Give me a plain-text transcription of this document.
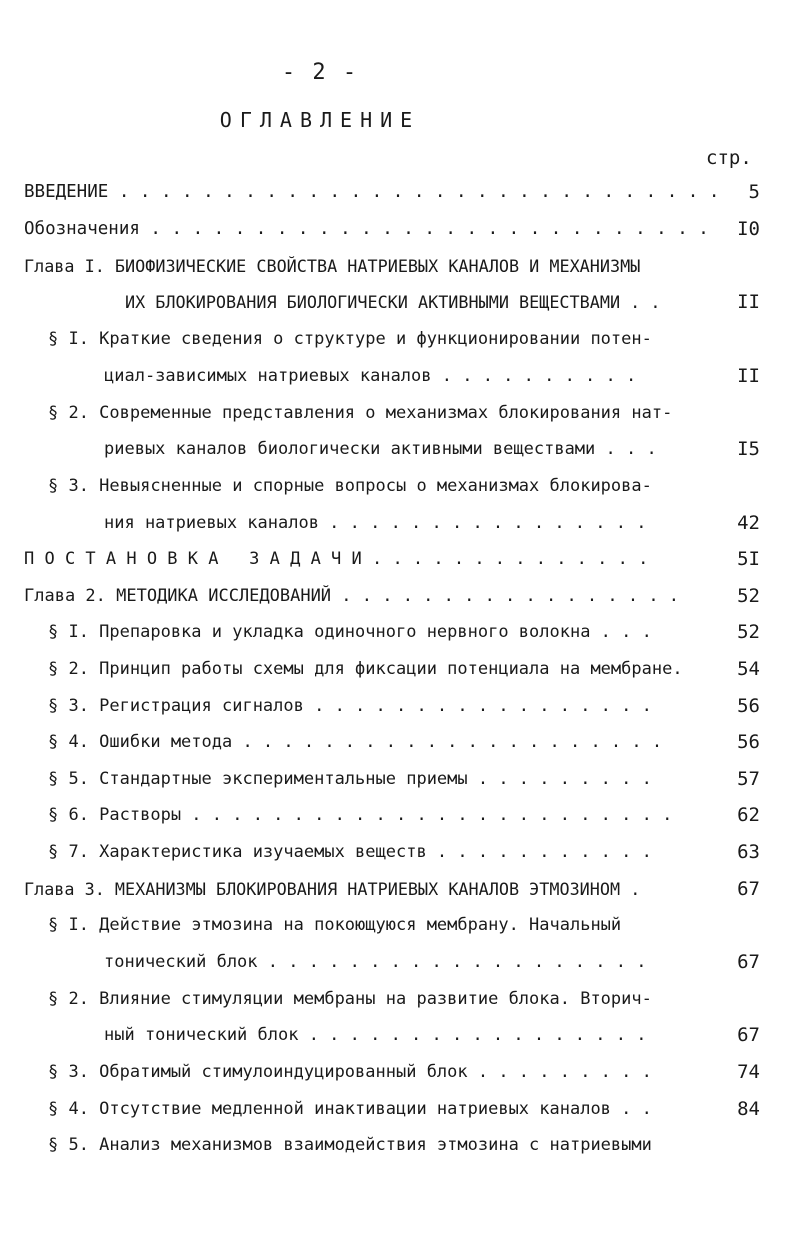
- 2 -
ОГЛАВЛЕНИЕ
стр.
ВВЕДЕНИЕ . . . . . . . . . . . . . . . . . . . . . . . . . . . . .	5
Обозначения . . . . . . . . . . . . . . . . . . . . . . . . . . .	I0
Глава I. БИОФИЗИЧЕСКИЕ СВОЙСТВА НАТРИЕВЫХ КАНАЛОВ И МЕХАНИЗМЫ
ИХ БЛОКИРОВАНИЯ БИОЛОГИЧЕСКИ АКТИВНЫМИ ВЕЩЕСТВАМИ . .	II
§ I. Краткие сведения о структуре и функционировании потен-
циал-зависимых натриевых каналов . . . . . . . . . .	II
§ 2. Современные представления о механизмах блокирования нат-
риевых каналов биологически активными веществами . . .	I5
§ 3. Невыясненные и спорные вопросы о механизмах блокирова-
ния натриевых каналов . . . . . . . . . . . . . . . .	42
П О С Т А Н О В К А   З А Д А Ч И . . . . . . . . . . . . . .	5I
Глава 2. МЕТОДИКА ИССЛЕДОВАНИЙ . . . . . . . . . . . . . . . . .	52
§ I. Препаровка и укладка одиночного нервного волокна . . .	52
§ 2. Принцип работы схемы для фиксации потенциала на мембране.	54
§ 3. Регистрация сигналов . . . . . . . . . . . . . . . . .	56
§ 4. Ошибки метода . . . . . . . . . . . . . . . . . . . . .	56
§ 5. Стандартные экспериментальные приемы . . . . . . . . .	57
§ 6. Растворы . . . . . . . . . . . . . . . . . . . . . . . .	62
§ 7. Характеристика изучаемых веществ . . . . . . . . . . .	63
Глава 3. МЕХАНИЗМЫ БЛОКИРОВАНИЯ НАТРИЕВЫХ КАНАЛОВ ЭТМОЗИНОМ .	67
§ I. Действие этмозина на покоющуюся мембрану. Начальный
тонический блок . . . . . . . . . . . . . . . . . . .	67
§ 2. Влияние стимуляции мембраны на развитие блока. Вторич-
ный тонический блок . . . . . . . . . . . . . . . . .	67
§ 3. Обратимый стимулоиндуцированный блок . . . . . . . . .	74
§ 4. Отсутствие медленной инактивации натриевых каналов . .	84
§ 5. Анализ механизмов взаимодействия этмозина с натриевыми
